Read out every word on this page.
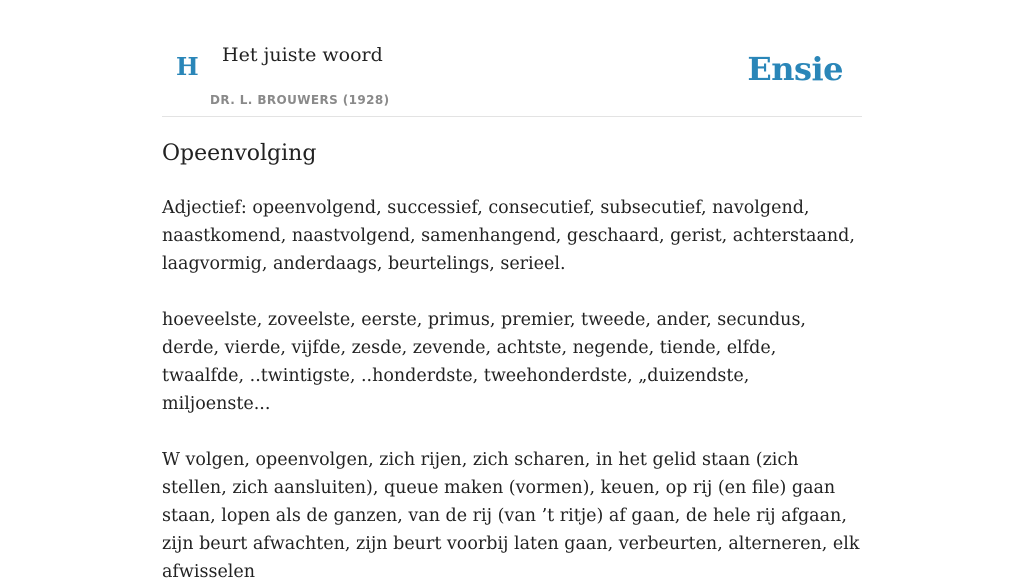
H Het juiste woord
DR. L. BROUWERS (1928)
Ensie
Opeenvolging

Adjectief: opeenvolgend, successief, consecutief, subsecutief, navolgend, naastkomend, naastvolgend, samenhangend, geschaard, gerist, achterstaand, laagvormig, anderdaags, beurtelings, serieel.

hoeveelste, zoveelste, eerste, primus, premier, tweede, ander, secundus, derde, vierde, vijfde, zesde, zevende, achtste, negende, tiende, elfde, twaalfde, ..twintigste, ..honderdste, tweehonderdste, „duizendste, miljoenste...

W volgen, opeenvolgen, zich rijen, zich scharen, in het gelid staan (zich stellen, zich aansluiten), queue maken (vormen), keuen, op rij (en file) gaan staan, lopen als de ganzen, van de rij (van ’t ritje) af gaan, de hele rij afgaan, zijn beurt afwachten, zijn beurt voorbij laten gaan, verbeurten, alterneren, elk afwisselen
